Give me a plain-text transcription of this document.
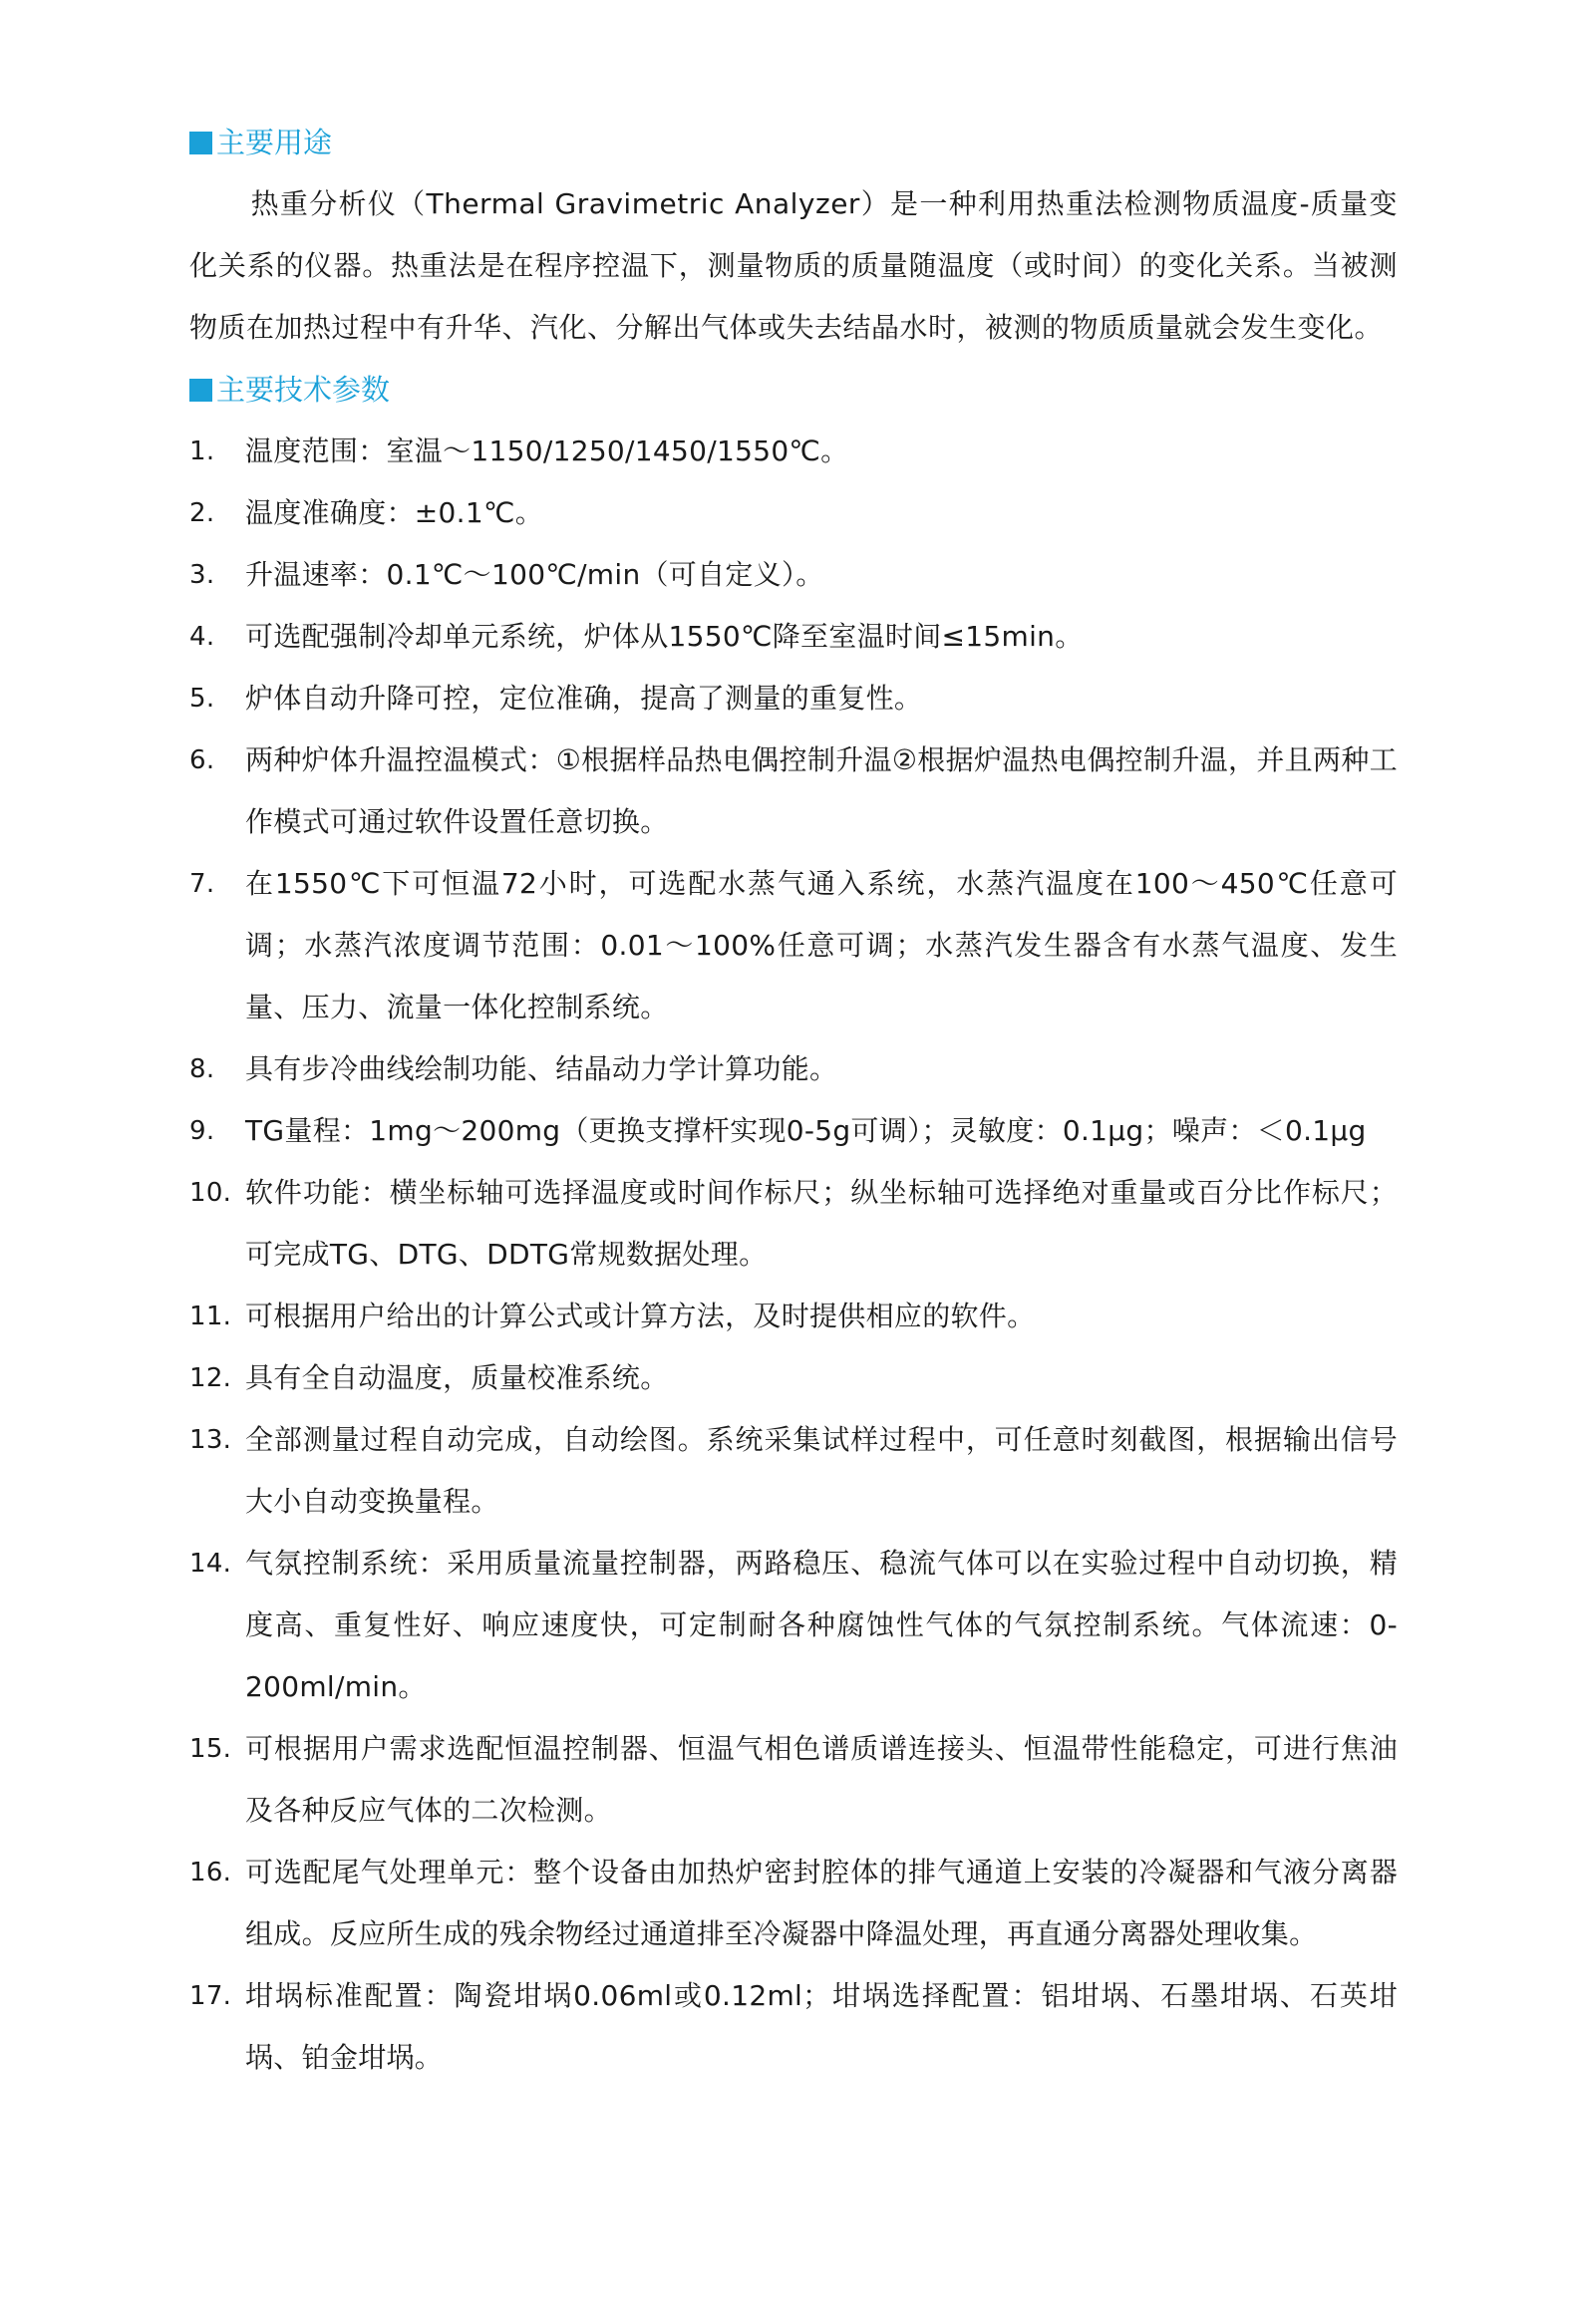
主要用途
热重分析仪（Thermal Gravimetric Analyzer）是一种利用热重法检测物质温度-质量变化关系的仪器。热重法是在程序控温下，测量物质的质量随温度（或时间）的变化关系。当被测物质在加热过程中有升华、汽化、分解出气体或失去结晶水时，被测的物质质量就会发生变化。
主要技术参数
1.	温度范围：室温～1150/1250/1450/1550℃。
2.	温度准确度：±0.1℃。
3.	升温速率：0.1℃～100℃/min（可自定义）。
4.	可选配强制冷却单元系统，炉体从1550℃降至室温时间≤15min。
5.	炉体自动升降可控，定位准确，提高了测量的重复性。
6.	两种炉体升温控温模式：①根据样品热电偶控制升温②根据炉温热电偶控制升温，并且两种工作模式可通过软件设置任意切换。
7.	在1550℃下可恒温72小时，可选配水蒸气通入系统，水蒸汽温度在100～450℃任意可调；水蒸汽浓度调节范围：0.01～100%任意可调；水蒸汽发生器含有水蒸气温度、发生量、压力、流量一体化控制系统。
8.	具有步冷曲线绘制功能、结晶动力学计算功能。
9.	TG量程：1mg～200mg（更换支撑杆实现0-5g可调）；灵敏度：0.1μg；噪声：＜0.1μg
10. 软件功能：横坐标轴可选择温度或时间作标尺；纵坐标轴可选择绝对重量或百分比作标尺；可完成TG、DTG、DDTG常规数据处理。
11. 可根据用户给出的计算公式或计算方法，及时提供相应的软件。
12. 具有全自动温度，质量校准系统。
13. 全部测量过程自动完成，自动绘图。系统采集试样过程中，可任意时刻截图，根据输出信号大小自动变换量程。
14. 气氛控制系统：采用质量流量控制器，两路稳压、稳流气体可以在实验过程中自动切换，精度高、重复性好、响应速度快，可定制耐各种腐蚀性气体的气氛控制系统。气体流速：0-200ml/min。
15. 可根据用户需求选配恒温控制器、恒温气相色谱质谱连接头、恒温带性能稳定，可进行焦油及各种反应气体的二次检测。
16. 可选配尾气处理单元：整个设备由加热炉密封腔体的排气通道上安装的冷凝器和气液分离器组成。反应所生成的残余物经过通道排至冷凝器中降温处理，再直通分离器处理收集。
17. 坩埚标准配置：陶瓷坩埚0.06ml或0.12ml；坩埚选择配置：铝坩埚、石墨坩埚、石英坩埚、铂金坩埚。
